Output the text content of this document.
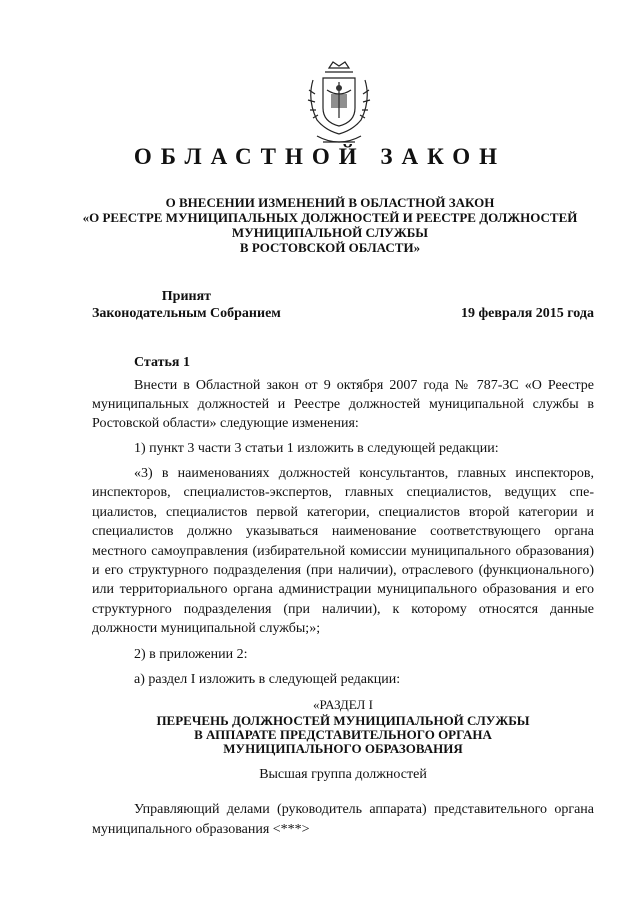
ОБЛАСТНОЙ ЗАКОН
О ВНЕСЕНИИ ИЗМЕНЕНИЙ В ОБЛАСТНОЙ ЗАКОН
«О РЕЕСТРЕ МУНИЦИПАЛЬНЫХ ДОЛЖНОСТЕЙ И РЕЕСТРЕ ДОЛЖНОСТЕЙ
МУНИЦИПАЛЬНОЙ СЛУЖБЫ
В РОСТОВСКОЙ ОБЛАСТИ»
Принят
Законодательным Собранием	19 февраля 2015 года
Статья 1

Внести в Областной закон от 9 октября 2007 года № 787-ЗС «О Реестре муниципальных должностей и Реестре должностей муниципальной службы в Ростовской области» следующие изменения:

1) пункт 3 части 3 статьи 1 изложить в следующей редакции:

«3) в наименованиях должностей консультантов, главных инспекторов, инспекторов, специалистов-экспертов, главных специалистов, ведущих специалистов, специалистов первой категории, специалистов второй категории и специалистов должно указываться наименование соответствующего органа местного самоуправления (избирательной комиссии муниципального образования) и его структурного подразделения (при наличии), отраслевого (функционального) или территориального органа администрации муниципального образования и его структурного подразделения (при наличии), к которому относятся данные должности муниципальной службы;»;

2) в приложении 2:

а) раздел I изложить в следующей редакции:

«РАЗДЕЛ I

ПЕРЕЧЕНЬ ДОЛЖНОСТЕЙ МУНИЦИПАЛЬНОЙ СЛУЖБЫ
В АППАРАТЕ ПРЕДСТАВИТЕЛЬНОГО ОРГАНА
МУНИЦИПАЛЬНОГО ОБРАЗОВАНИЯ
Высшая группа должностей

Управляющий делами (руководитель аппарата) представительного органа муниципального образования <***>
